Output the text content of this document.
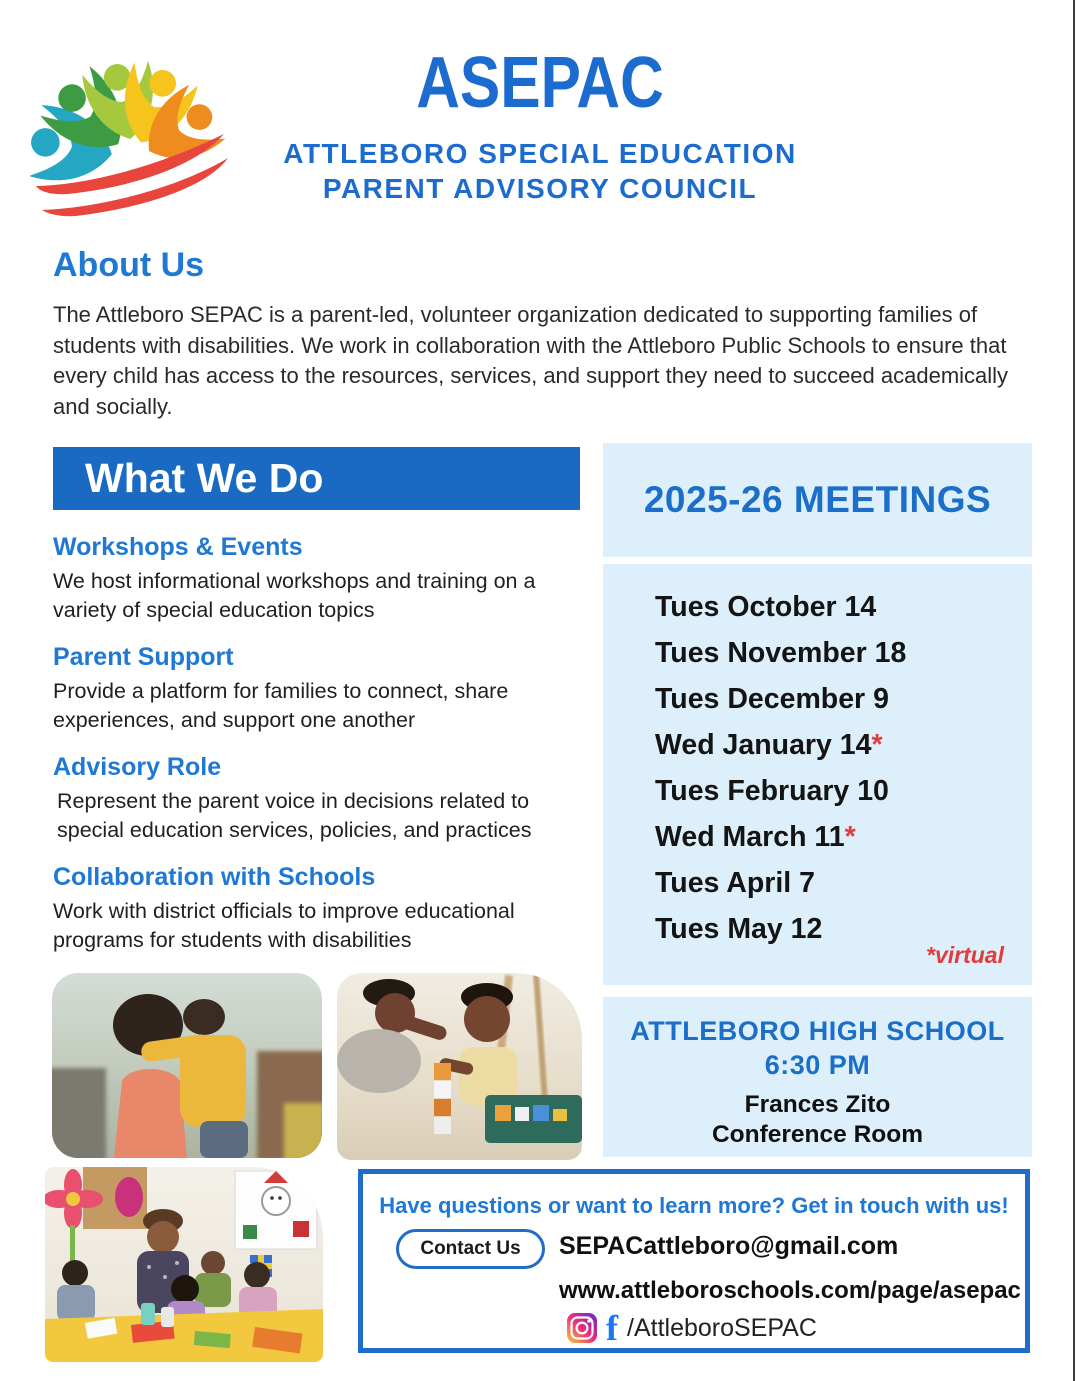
ASEPAC
ATTLEBORO SPECIAL EDUCATION
PARENT ADVISORY COUNCIL
About Us

The Attleboro SEPAC is a parent-led, volunteer organization dedicated to supporting families of students with disabilities. We work in collaboration with the Attleboro Public Schools to ensure that every child has access to the resources, services, and support they need to succeed academically and socially.

What We Do

Workshops & Events

We host informational workshops and training on a variety of special education topics

Parent Support

Provide a platform for families to connect, share experiences, and support one another

Advisory Role

Represent the parent voice in decisions related to special education services, policies, and practices

Collaboration with Schools

Work with district officials to improve educational programs for students with disabilities

2025-26 MEETINGS
Tues October 14
Tues November 18
Tues December 9
Wed January 14*
Tues February 10
Wed March 11*
Tues April 7
Tues May 12
*virtual
ATTLEBORO HIGH SCHOOL
6:30 PM
Frances Zito
Conference Room
Have questions or want to learn more? Get in touch with us!
Contact Us SEPACattleboro@gmail.com
www.attleboroschools.com/page/asepac
f /AttleboroSEPAC
